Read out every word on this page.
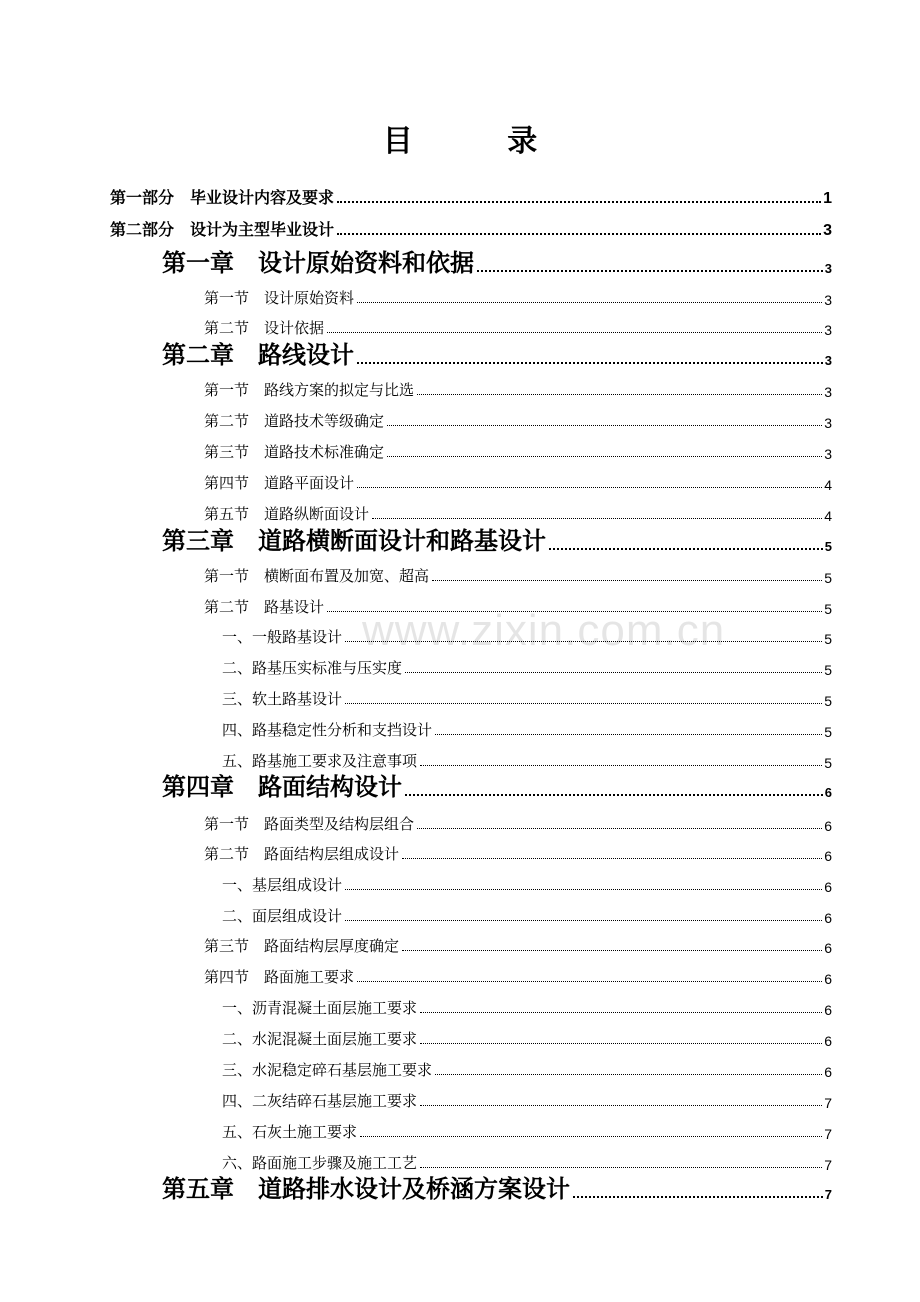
目 录
www.zixin.com.cn
第一部分　毕业设计内容及要求	1
第二部分　设计为主型毕业设计	3
第一章　设计原始资料和依据	3
第一节　设计原始资料	3
第二节　设计依据	3
第二章　路线设计	3
第一节　路线方案的拟定与比选	3
第二节　道路技术等级确定	3
第三节　道路技术标准确定	3
第四节　道路平面设计	4
第五节　道路纵断面设计	4
第三章　道路横断面设计和路基设计	5
第一节　横断面布置及加宽、超高	5
第二节　路基设计	5
一、一般路基设计	5
二、路基压实标准与压实度	5
三、软土路基设计	5
四、路基稳定性分析和支挡设计	5
五、路基施工要求及注意事项	5
第四章　路面结构设计	6
第一节　路面类型及结构层组合	6
第二节　路面结构层组成设计	6
一、基层组成设计	6
二、面层组成设计	6
第三节　路面结构层厚度确定	6
第四节　路面施工要求	6
一、沥青混凝土面层施工要求	6
二、水泥混凝土面层施工要求	6
三、水泥稳定碎石基层施工要求	6
四、二灰结碎石基层施工要求	7
五、石灰土施工要求	7
六、路面施工步骤及施工工艺	7
第五章　道路排水设计及桥涵方案设计	7
